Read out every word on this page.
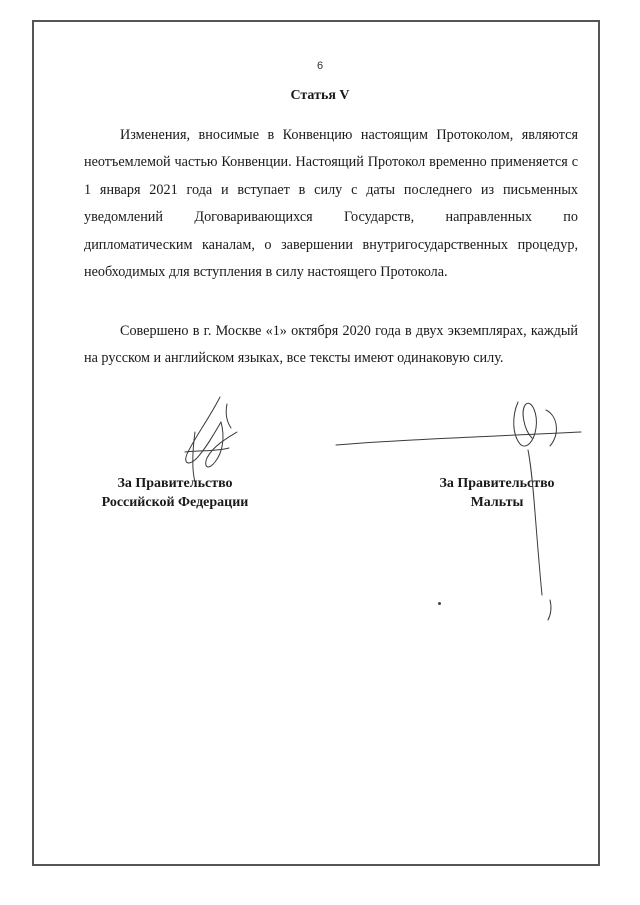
6
Статья V

Изменения, вносимые в Конвенцию настоящим Протоколом, являются неотъемлемой частью Конвенции. Настоящий Протокол временно применяется с 1 января 2021 года и вступает в силу с даты последнего из письменных уведомлений Договаривающихся Государств, направленных по дипломатическим каналам, о завершении внутригосударственных процедур, необходимых для вступления в силу настоящего Протокола.

Совершено в г. Москве «1» октября 2020 года в двух экземплярах, каждый на русском и английском языках, все тексты имеют одинаковую силу.

За Правительство
Российской Федерации
За Правительство
Мальты
